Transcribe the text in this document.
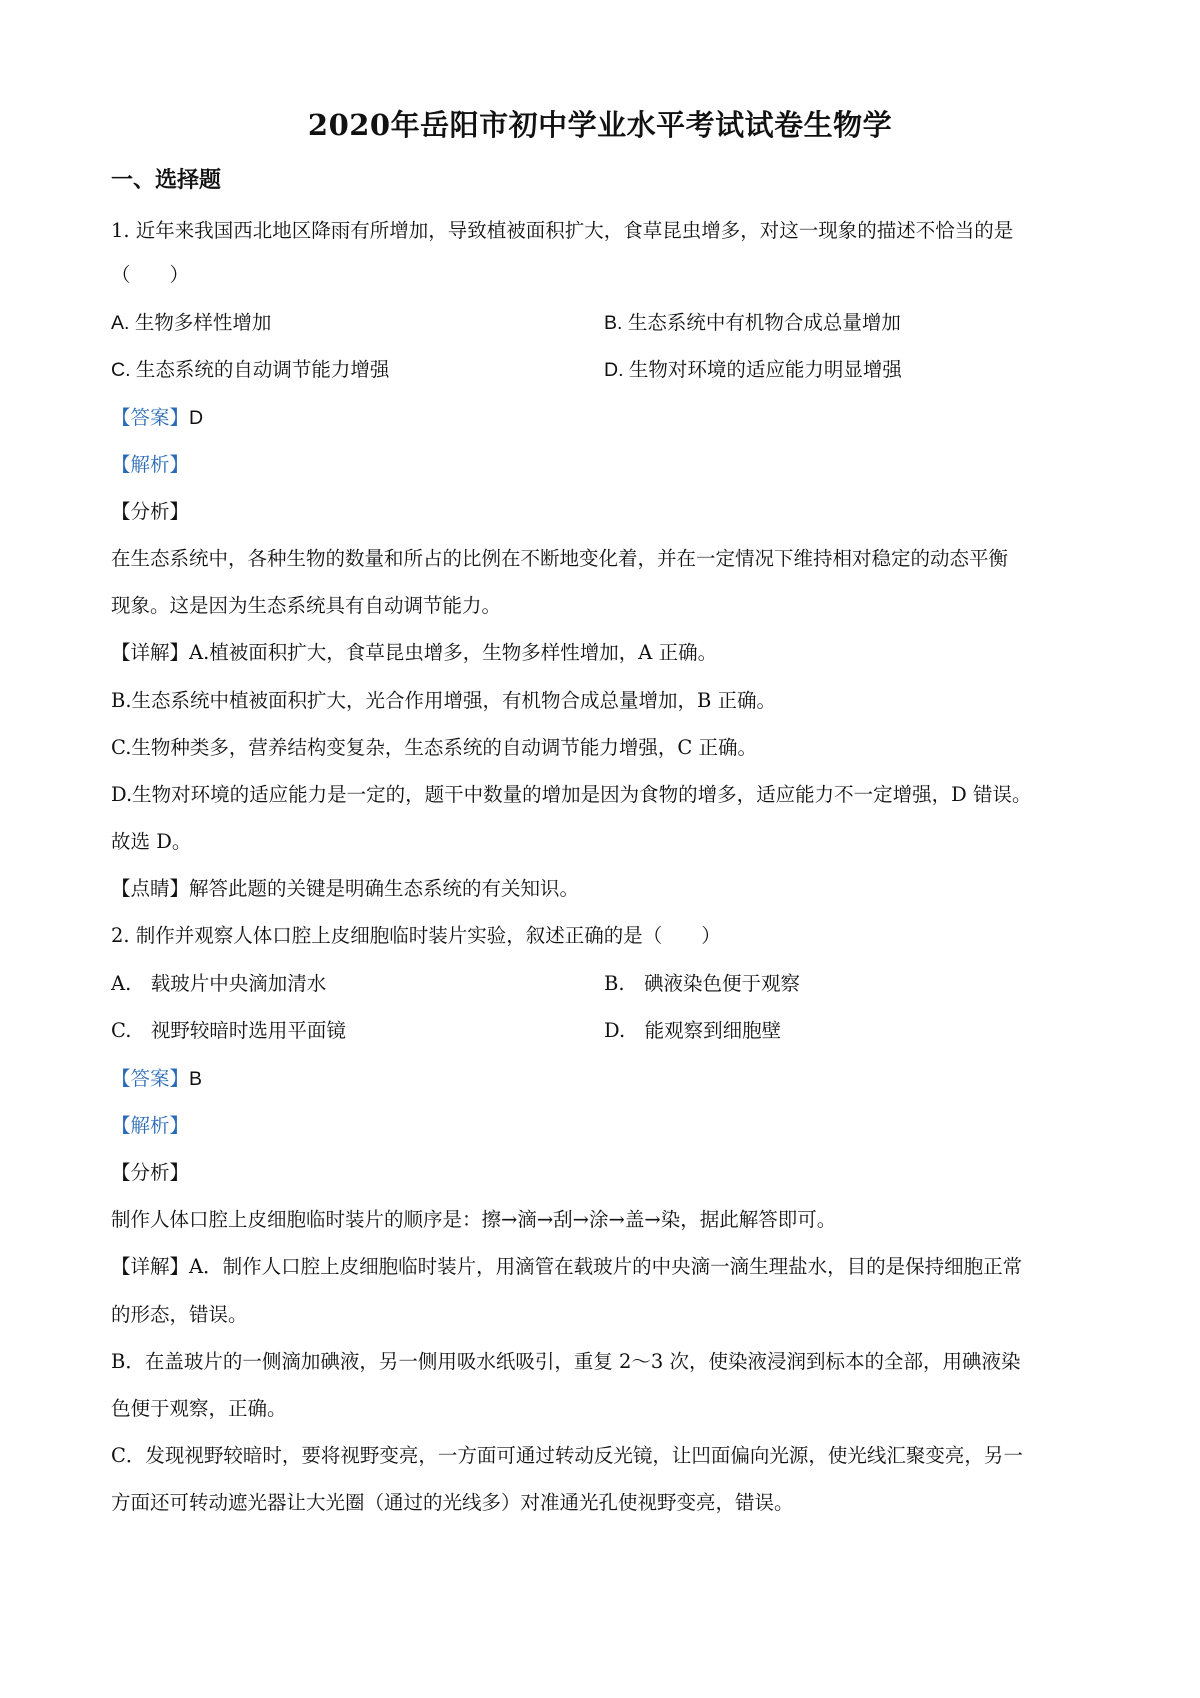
2020年岳阳市初中学业水平考试试卷生物学
一、选择题
1. 近年来我国西北地区降雨有所增加，导致植被面积扩大，食草昆虫增多，对这一现象的描述不恰当的是
（　　）
A. 生物多样性增加	B. 生态系统中有机物合成总量增加
C. 生态系统的自动调节能力增强	D. 生物对环境的适应能力明显增强
【答案】D
【解析】
【分析】
在生态系统中，各种生物的数量和所占的比例在不断地变化着，并在一定情况下维持相对稳定的动态平衡
现象。这是因为生态系统具有自动调节能力。
【详解】A.植被面积扩大，食草昆虫增多，生物多样性增加，A 正确。
B.生态系统中植被面积扩大，光合作用增强，有机物合成总量增加，B 正确。
C.生物种类多，营养结构变复杂，生态系统的自动调节能力增强，C 正确。
D.生物对环境的适应能力是一定的，题干中数量的增加是因为食物的增多，适应能力不一定增强，D 错误。
故选 D。
【点睛】解答此题的关键是明确生态系统的有关知识。
2. 制作并观察人体口腔上皮细胞临时装片实验，叙述正确的是（　　）
A.　载玻片中央滴加清水	B.　碘液染色便于观察
C.　视野较暗时选用平面镜	D.　能观察到细胞壁
【答案】B
【解析】
【分析】
制作人体口腔上皮细胞临时装片的顺序是：擦→滴→刮→涂→盖→染，据此解答即可。
【详解】A．制作人口腔上皮细胞临时装片，用滴管在载玻片的中央滴一滴生理盐水，目的是保持细胞正常
的形态，错误。
B．在盖玻片的一侧滴加碘液，另一侧用吸水纸吸引，重复 2～3 次，使染液浸润到标本的全部，用碘液染
色便于观察，正确。
C．发现视野较暗时，要将视野变亮，一方面可通过转动反光镜，让凹面偏向光源，使光线汇聚变亮，另一
方面还可转动遮光器让大光圈（通过的光线多）对准通光孔使视野变亮，错误。
